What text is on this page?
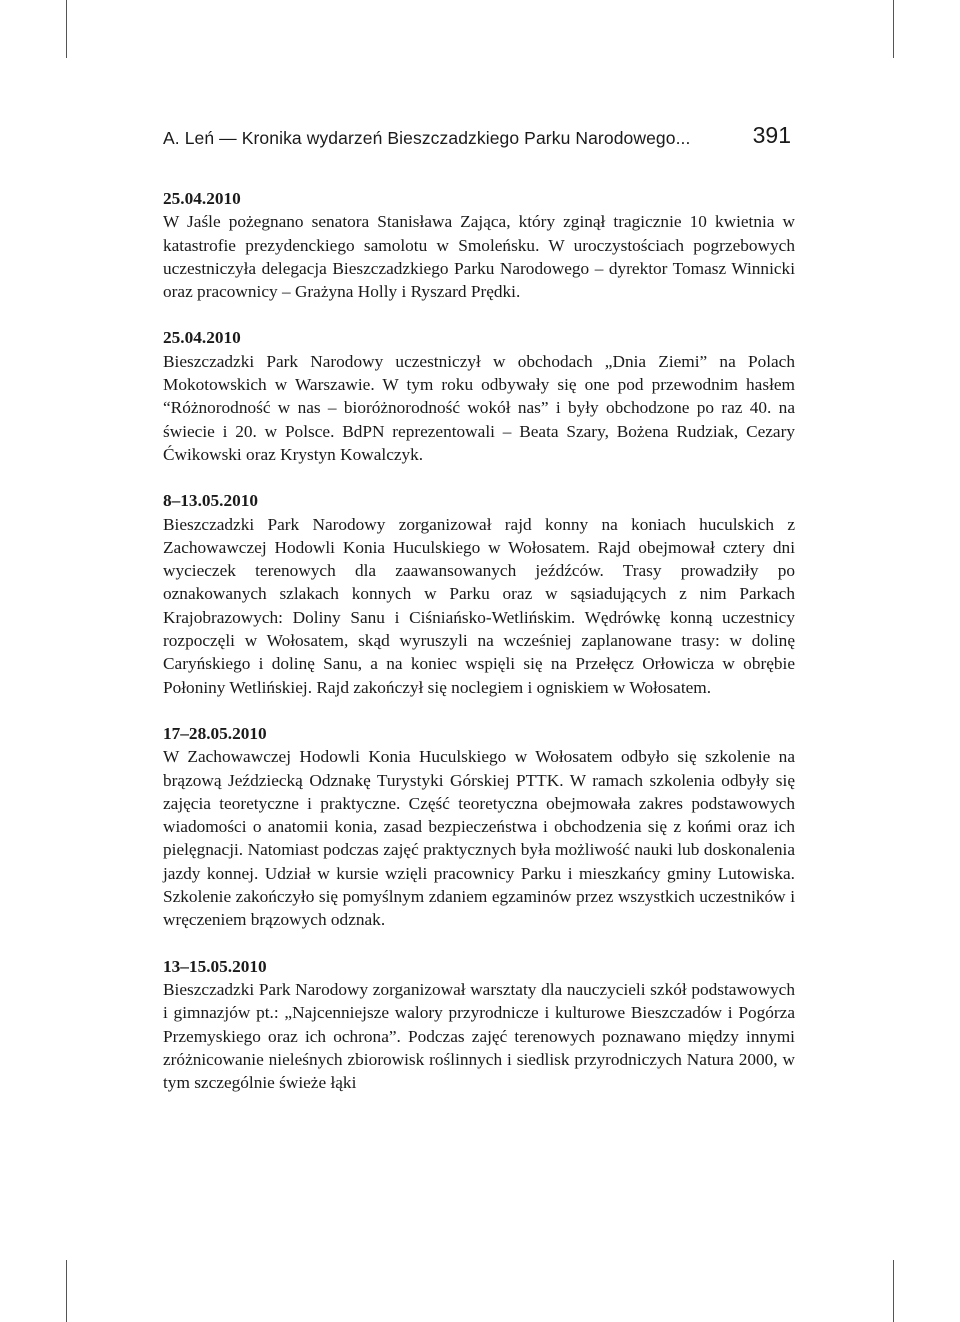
A. Leń — Kronika wydarzeń Bieszczadzkiego Parku Narodowego...	391
25.04.2010

W Jaśle pożegnano senatora Stanisława Zająca, który zginął tragicznie 10 kwietnia w katastrofie prezydenckiego samolotu w Smoleńsku. W uroczystościach pogrzebowych uczestniczyła delegacja Bieszczadzkiego Parku Narodowego – dyrektor Tomasz Winnicki oraz pracownicy – Grażyna Holly i Ryszard Prędki.

25.04.2010

Bieszczadzki Park Narodowy uczestniczył w obchodach „Dnia Ziemi” na Polach Mokotowskich w Warszawie. W tym roku odbywały się one pod przewodnim hasłem “Różnorodność w nas – bioróżnorodność wokół nas” i były obchodzone po raz 40. na świecie i 20. w Polsce. BdPN reprezentowali – Beata Szary, Bożena Rudziak, Cezary Ćwikowski oraz Krystyn Kowalczyk.

8–13.05.2010

Bieszczadzki Park Narodowy zorganizował rajd konny na koniach huculskich z Zachowawczej Hodowli Konia Huculskiego w Wołosatem. Rajd obejmował cztery dni wycieczek terenowych dla zaawansowanych jeźdźców. Trasy prowadziły po oznakowanych szlakach konnych w Parku oraz w sąsiadujących z nim Parkach Krajobrazowych: Doliny Sanu i Ciśniańsko-Wetlińskim. Wędrówkę konną uczestnicy rozpoczęli w Wołosatem, skąd wyruszyli na wcześniej zaplanowane trasy: w dolinę Caryńskiego i dolinę Sanu, a na koniec wspięli się na Przełęcz Orłowicza w obrębie Połoniny Wetlińskiej. Rajd zakończył się noclegiem i ogniskiem w Wołosatem.

17–28.05.2010

W Zachowawczej Hodowli Konia Huculskiego w Wołosatem odbyło się szkolenie na brązową Jeździecką Odznakę Turystyki Górskiej PTTK. W ramach szkolenia odbyły się zajęcia teoretyczne i praktyczne. Część teoretyczna obejmowała zakres podstawowych wiadomości o anatomii konia, zasad bezpieczeństwa i obchodzenia się z końmi oraz ich pielęgnacji. Natomiast podczas zajęć praktycznych była możliwość nauki lub doskonalenia jazdy konnej. Udział w kursie wzięli pracownicy Parku i mieszkańcy gminy Lutowiska. Szkolenie zakończyło się pomyślnym zdaniem egzaminów przez wszystkich uczestników i wręczeniem brązowych odznak.

13–15.05.2010

Bieszczadzki Park Narodowy zorganizował warsztaty dla nauczycieli szkół podstawowych i gimnazjów pt.: „Najcenniejsze walory przyrodnicze i kulturowe Bieszczadów i Pogórza Przemyskiego oraz ich ochrona”. Podczas zajęć terenowych poznawano między innymi zróżnicowanie nieleśnych zbiorowisk roślinnych i siedlisk przyrodniczych Natura 2000, w tym szczególnie świeże łąki
